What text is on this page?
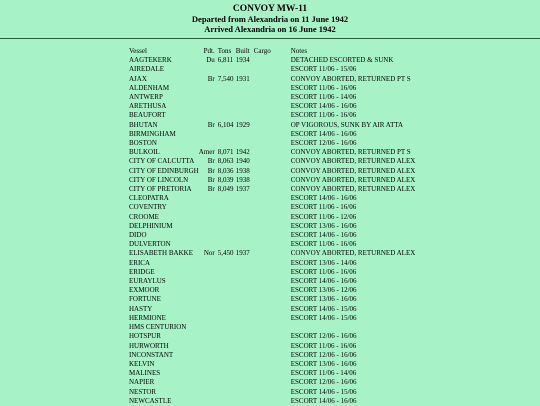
CONVOY MW-11
Departed from Alexandria on 11 June 1942
Arrived Alexandria on 16 June 1942
Vessel	Pdt.	Tons	Built	Cargo	Notes
AAGTEKERK	Du	6,811	1934		DETACHED ESCORTED & SUNK
AIREDALE					ESCORT 11/06 - 15/06
AJAX	Br	7,540	1931		CONVOY ABORTED, RETURNED PT S
ALDENHAM					ESCORT 11/06 - 16/06
ANTWERP					ESCORT 11/06 - 14/06
ARETHUSA					ESCORT 14/06 - 16/06
BEAUFORT					ESCORT 11/06 - 16/06
BHUTAN	Br	6,104	1929		OP VIGOROUS, SUNK BY AIR ATTA
BIRMINGHAM					ESCORT 14/06 - 16/06
BOSTON					ESCORT 12/06 - 16/06
BULKOIL	Amer	8,071	1942		CONVOY ABORTED, RETURNED PT S
CITY OF CALCUTTA	Br	8,063	1940		CONVOY ABORTED, RETURNED ALEX
CITY OF EDINBURGH	Br	8,036	1938		CONVOY ABORTED, RETURNED ALEX
CITY OF LINCOLN	Br	8,039	1938		CONVOY ABORTED, RETURNED ALEX
CITY OF PRETORIA	Br	8,049	1937		CONVOY ABORTED, RETURNED ALEX
CLEOPATRA					ESCORT 14/06 - 16/06
COVENTRY					ESCORT 11/06 - 16/06
CROOME					ESCORT 11/06 - 12/06
DELPHINIUM					ESCORT 13/06 - 16/06
DIDO					ESCORT 14/06 - 16/06
DULVERTON					ESCORT 11/06 - 16/06
ELISABETH BAKKE	Nor	5,450	1937		CONVOY ABORTED, RETURNED ALEX
ERICA					ESCORT 13/06 - 14/06
ERIDGE					ESCORT 11/06 - 16/06
EURAYLUS					ESCORT 14/06 - 16/06
EXMOOR					ESCORT 13/06 - 12/06
FORTUNE					ESCORT 13/06 - 16/06
HASTY					ESCORT 14/06 - 15/06
HERMIONE					ESCORT 14/06 - 15/06
HMS CENTURION					
HOTSPUR					ESCORT 12/06 - 16/06
HURWORTH					ESCORT 11/06 - 16/06
INCONSTANT					ESCORT 12/06 - 16/06
KELVIN					ESCORT 13/06 - 16/06
MALINES					ESCORT 11/06 - 14/06
NAPIER					ESCORT 12/06 - 16/06
NESTOR					ESCORT 14/06 - 15/06
NEWCASTLE					ESCORT 14/06 - 16/06
